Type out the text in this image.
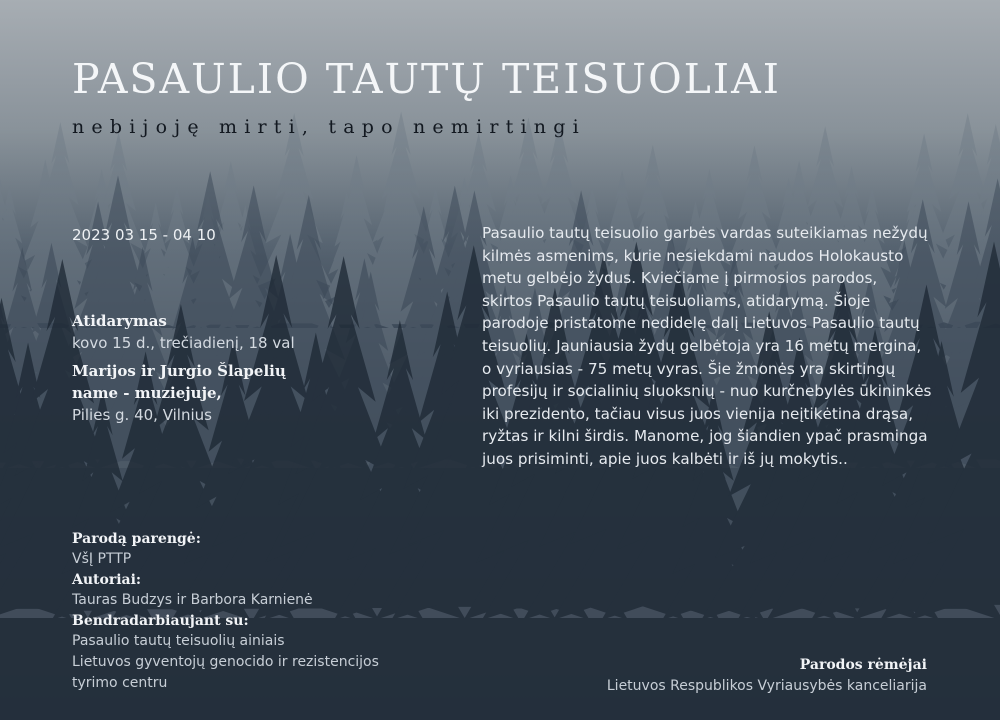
PASAULIO TAUTŲ TEISUOLIAI
nebijoję mirti, tapo nemirtingi
2023 03 15 - 04 10
Atidarymas
kovo 15 d., trečiadienį, 18 val
Marijos ir Jurgio Šlapelių
name - muziejuje,
Pilies g. 40, Vilnius

Pasaulio tautų teisuolio garbės vardas suteikiamas nežydų kilmės asmenims, kurie nesiekdami naudos Holokausto metu gelbėjo žydus. Kviečiame į pirmosios parodos, skirtos Pasaulio tautų teisuoliams, atidarymą. Šioje parodoje pristatome nedidelę dalį Lietuvos Pasaulio tautų teisuolių. Jauniausia žydų gelbėtoja yra 16 metų mergina, o vyriausias - 75 metų vyras. Šie žmonės yra skirtingų profesijų ir socialinių sluoksnių - nuo kurčnebylės ūkininkės iki prezidento, tačiau visus juos vienija neįtikėtina drąsa, ryžtas ir kilni širdis. Manome, jog šiandien ypač prasminga juos prisiminti, apie juos kalbėti ir iš jų mokytis..

Parodą parengė:
VšĮ PTTP
Autoriai:
Tauras Budzys ir Barbora Karnienė
Bendradarbiaujant su:
Pasaulio tautų teisuolių ainiais
Lietuvos gyventojų genocido ir rezistencijos
tyrimo centru
Parodos rėmėjai
Lietuvos Respublikos Vyriausybės kanceliarija
